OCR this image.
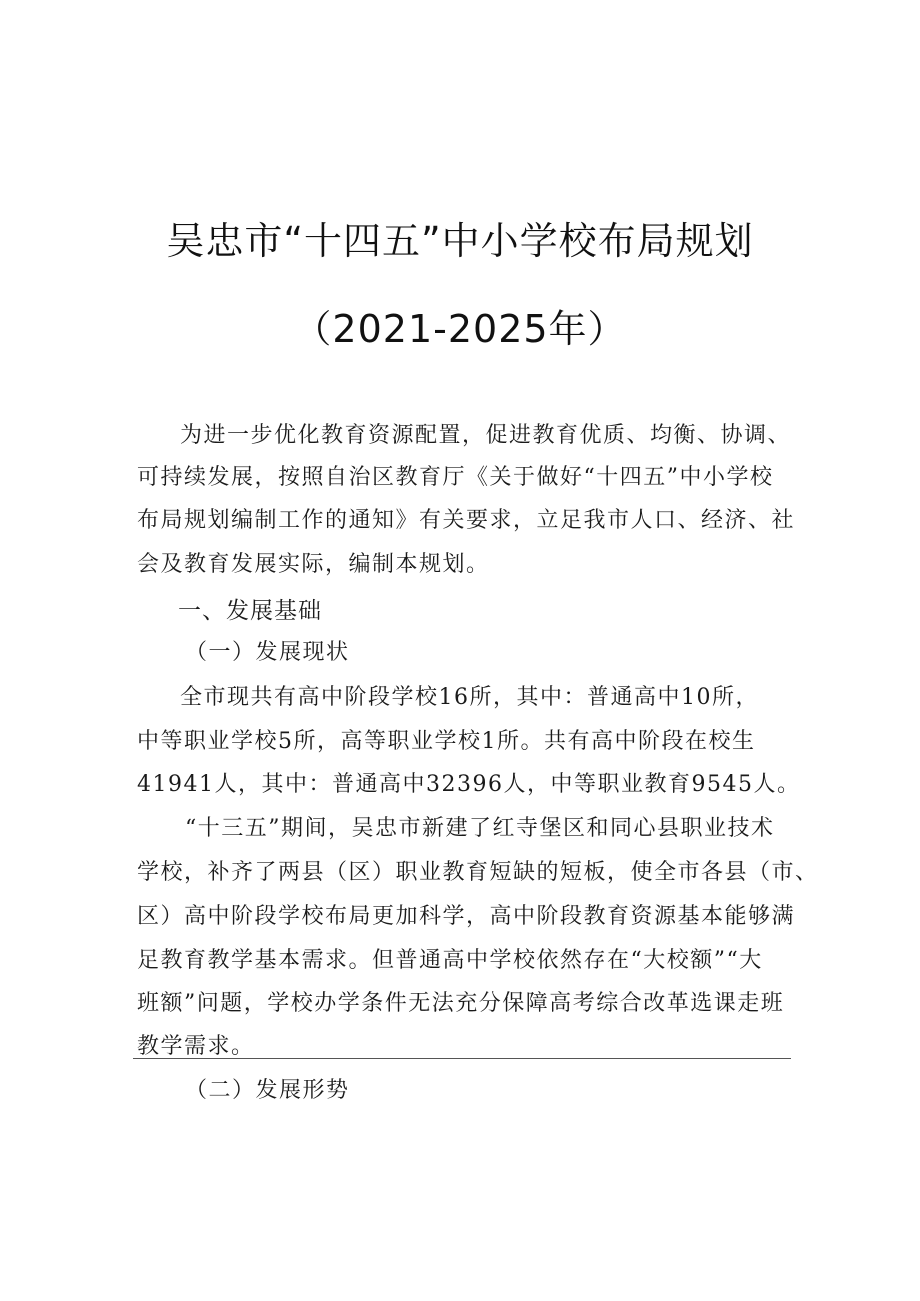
吴忠市“十四五”中小学校布局规划
（2021-2025年）
为进一步优化教育资源配置，促进教育优质、均衡、协调、
可持续发展，按照自治区教育厅《关于做好“十四五”中小学校
布局规划编制工作的通知》有关要求，立足我市人口、经济、社
会及教育发展实际，编制本规划。
一、发展基础
（一）发展现状
全市现共有高中阶段学校16所，其中：普通高中10所，
中等职业学校5所，高等职业学校1所。共有高中阶段在校生
41941人，其中：普通高中32396人，中等职业教育9545人。
“十三五”期间，吴忠市新建了红寺堡区和同心县职业技术
学校，补齐了两县（区）职业教育短缺的短板，使全市各县（市、
区）高中阶段学校布局更加科学，高中阶段教育资源基本能够满
足教育教学基本需求。但普通高中学校依然存在“大校额”“大
班额”问题，学校办学条件无法充分保障高考综合改革选课走班
教学需求。
（二）发展形势
